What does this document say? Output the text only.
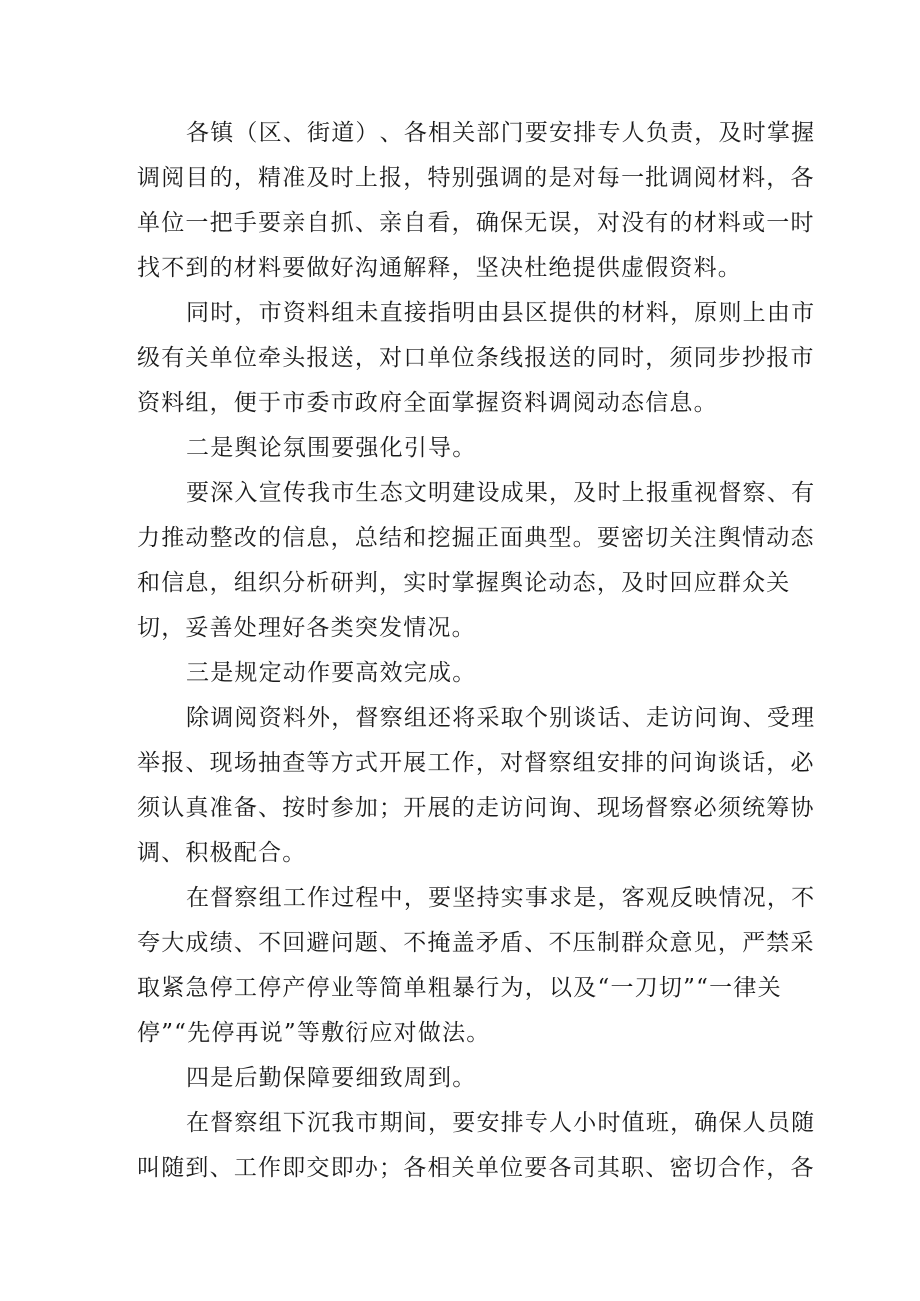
各 镇 （ 区 、 街 道 ） 、 各 相 关 部 门 要 安 排 专 人 负 责 ， 及 时 掌 握
调 阅 目 的 ， 精 准 及 时 上 报 ， 特 别 强 调 的 是 对 每 一 批 调 阅 材 料 ， 各
单 位 一 把 手 要 亲 自 抓 、 亲 自 看 ， 确 保 无 误 ， 对 没 有 的 材 料 或 一 时
找不到的材料要做好沟通解释，坚决杜绝提供虚假资料。
同 时 ， 市 资 料 组 未 直 接 指 明 由 县 区 提 供 的 材 料 ， 原 则 上 由 市
级 有 关 单 位 牵 头 报 送 ， 对 口 单 位 条 线 报 送 的 同 时 ， 须 同 步 抄 报 市
资料组，便于市委市政府全面掌握资料调阅动态信息。
二是舆论氛围要强化引导。
要 深 入 宣 传 我 市 生 态 文 明 建 设 成 果 ， 及 时 上 报 重 视 督 察 、 有
力 推 动 整 改 的 信 息 ， 总 结 和 挖 掘 正 面 典 型 。 要 密 切 关 注 舆 情 动 态
和 信 息 ， 组 织 分 析 研 判 ， 实 时 掌 握 舆 论 动 态 ， 及 时 回 应 群 众 关
切，妥善处理好各类突发情况。
三是规定动作要高效完成。
除 调 阅 资 料 外 ， 督 察 组 还 将 采 取 个 别 谈 话 、 走 访 问 询 、 受 理
举 报 、 现 场 抽 查 等 方 式 开 展 工 作 ， 对 督 察 组 安 排 的 问 询 谈 话 ， 必
须 认 真 准 备 、 按 时 参 加 ； 开 展 的 走 访 问 询 、 现 场 督 察 必 须 统 筹 协
调、积极配合。
在 督 察 组 工 作 过 程 中 ， 要 坚 持 实 事 求 是 ， 客 观 反 映 情 况 ， 不
夸 大 成 绩 、 不 回 避 问 题 、 不 掩 盖 矛 盾 、 不 压 制 群 众 意 见 ， 严 禁 采
取 紧 急 停 工 停 产 停 业 等 简 单 粗 暴 行 为 ， 以 及 “ 一 刀 切 ” “ 一 律 关
停”“先停再说”等敷衍应对做法。
四是后勤保障要细致周到。
在 督 察 组 下 沉 我 市 期 间 ， 要 安 排 专 人 小 时 值 班 ， 确 保 人 员 随
叫 随 到 、 工 作 即 交 即 办 ； 各 相 关 单 位 要 各 司 其 职 、 密 切 合 作 ， 各
